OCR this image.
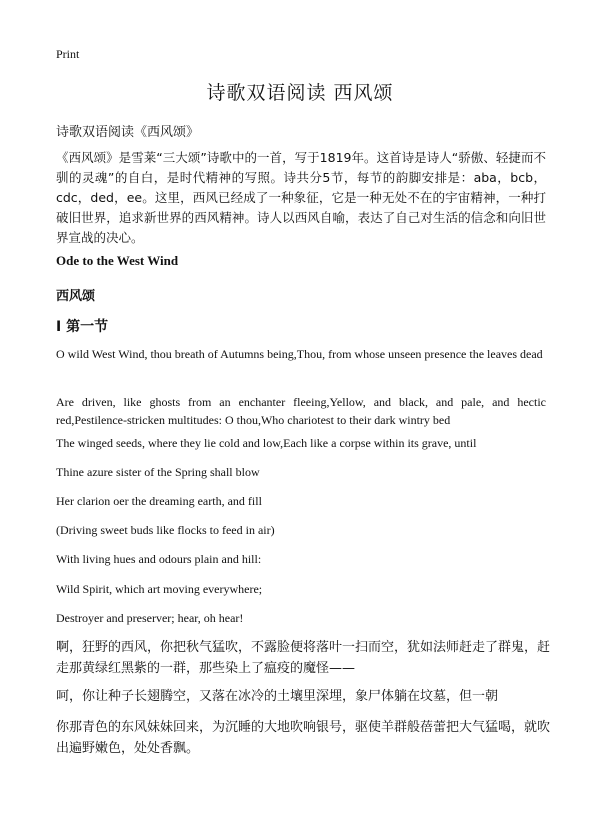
Print
诗歌双语阅读 西风颂
诗歌双语阅读《西风颂》
《西风颂》是雪莱“三大颂”诗歌中的一首，写于1819年。这首诗是诗人“骄傲、轻捷而不驯的灵魂”的自白，是时代精神的写照。诗共分5节，每节的韵脚安排是：aba，bcb，cdc，ded，ee。这里，西风已经成了一种象征，它是一种无处不在的宇宙精神，一种打破旧世界，追求新世界的西风精神。诗人以西风自喻，表达了自己对生活的信念和向旧世界宣战的决心。
Ode to the West Wind
西风颂
I 第一节
O wild West Wind, thou breath of Autumns being,Thou, from whose unseen presence the leaves dead
Are driven, like ghosts from an enchanter fleeing,Yellow, and black, and pale, and hectic red,Pestilence-stricken multitudes: O thou,Who chariotest to their dark wintry bed
The winged seeds, where they lie cold and low,Each like a corpse within its grave, until
Thine azure sister of the Spring shall blow
Her clarion oer the dreaming earth, and fill
(Driving sweet buds like flocks to feed in air)
With living hues and odours plain and hill:
Wild Spirit, which art moving everywhere;
Destroyer and preserver; hear, oh hear!
啊，狂野的西风，你把秋气猛吹，不露脸便将落叶一扫而空，犹如法师赶走了群鬼，赶走那黄绿红黑紫的一群，那些染上了瘟疫的魔怪——
呵，你让种子长翅腾空，又落在冰冷的土壤里深埋，象尸体躺在坟墓，但一朝
你那青色的东风妹妹回来，为沉睡的大地吹响银号，驱使羊群般蓓蕾把大气猛喝，就吹出遍野嫩色，处处香飘。
